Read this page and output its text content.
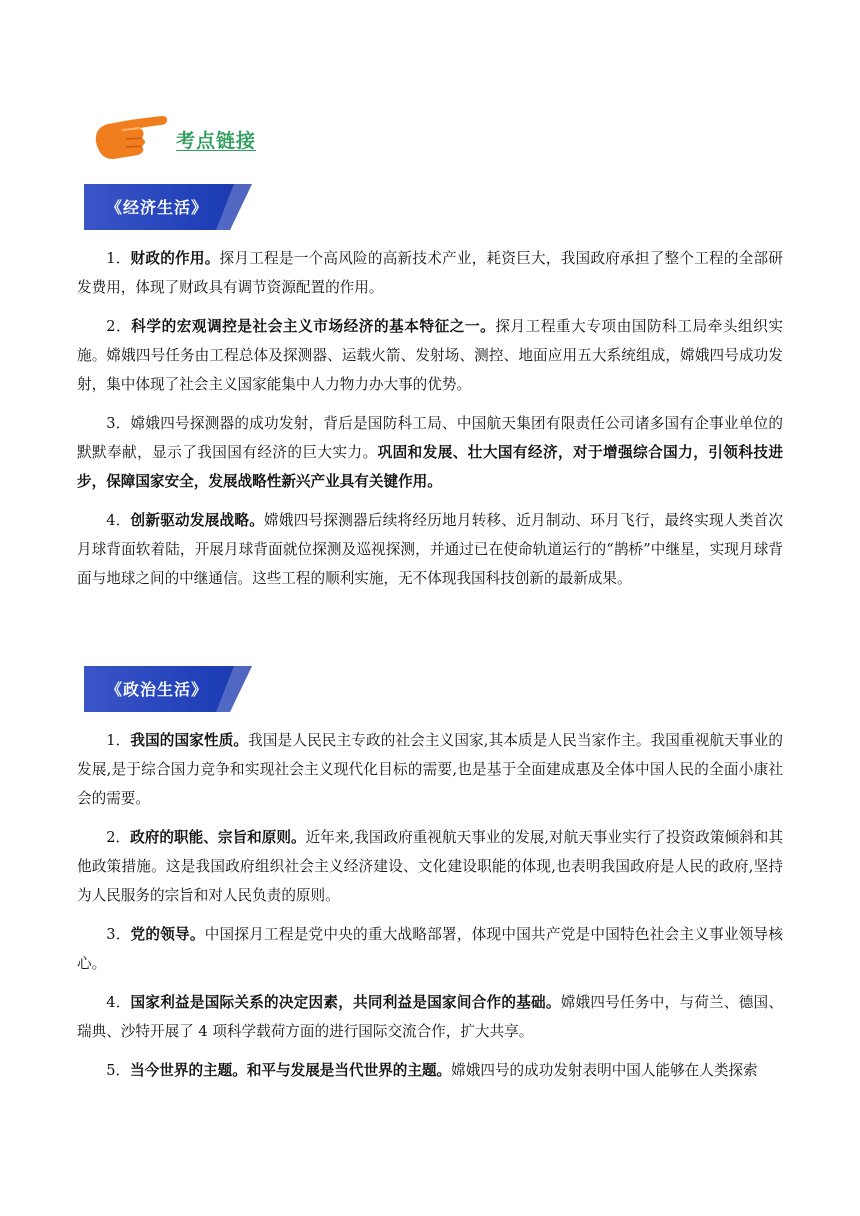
考点链接
《经济生活》

1．财政的作用。探月工程是一个高风险的高新技术产业，耗资巨大，我国政府承担了整个工程的全部研发费用，体现了财政具有调节资源配置的作用。

2．科学的宏观调控是社会主义市场经济的基本特征之一。探月工程重大专项由国防科工局牵头组织实施。嫦娥四号任务由工程总体及探测器、运载火箭、发射场、测控、地面应用五大系统组成，嫦娥四号成功发射，集中体现了社会主义国家能集中人力物力办大事的优势。

3．嫦娥四号探测器的成功发射，背后是国防科工局、中国航天集团有限责任公司诸多国有企事业单位的默默奉献，显示了我国国有经济的巨大实力。巩固和发展、壮大国有经济，对于增强综合国力，引领科技进步，保障国家安全，发展战略性新兴产业具有关键作用。

4．创新驱动发展战略。嫦娥四号探测器后续将经历地月转移、近月制动、环月飞行，最终实现人类首次月球背面软着陆，开展月球背面就位探测及巡视探测，并通过已在使命轨道运行的“鹊桥”中继星，实现月球背面与地球之间的中继通信。这些工程的顺利实施，无不体现我国科技创新的最新成果。

《政治生活》

1．我国的国家性质。我国是人民民主专政的社会主义国家,其本质是人民当家作主。我国重视航天事业的发展,是于综合国力竞争和实现社会主义现代化目标的需要,也是基于全面建成惠及全体中国人民的全面小康社会的需要。

2．政府的职能、宗旨和原则。近年来,我国政府重视航天事业的发展,对航天事业实行了投资政策倾斜和其他政策措施。这是我国政府组织社会主义经济建设、文化建设职能的体现,也表明我国政府是人民的政府,坚持为人民服务的宗旨和对人民负责的原则。

3．党的领导。中国探月工程是党中央的重大战略部署，体现中国共产党是中国特色社会主义事业领导核心。

4．国家利益是国际关系的决定因素，共同利益是国家间合作的基础。嫦娥四号任务中，与荷兰、德国、瑞典、沙特开展了 4 项科学载荷方面的进行国际交流合作，扩大共享。

5．当今世界的主题。和平与发展是当代世界的主题。嫦娥四号的成功发射表明中国人能够在人类探索
